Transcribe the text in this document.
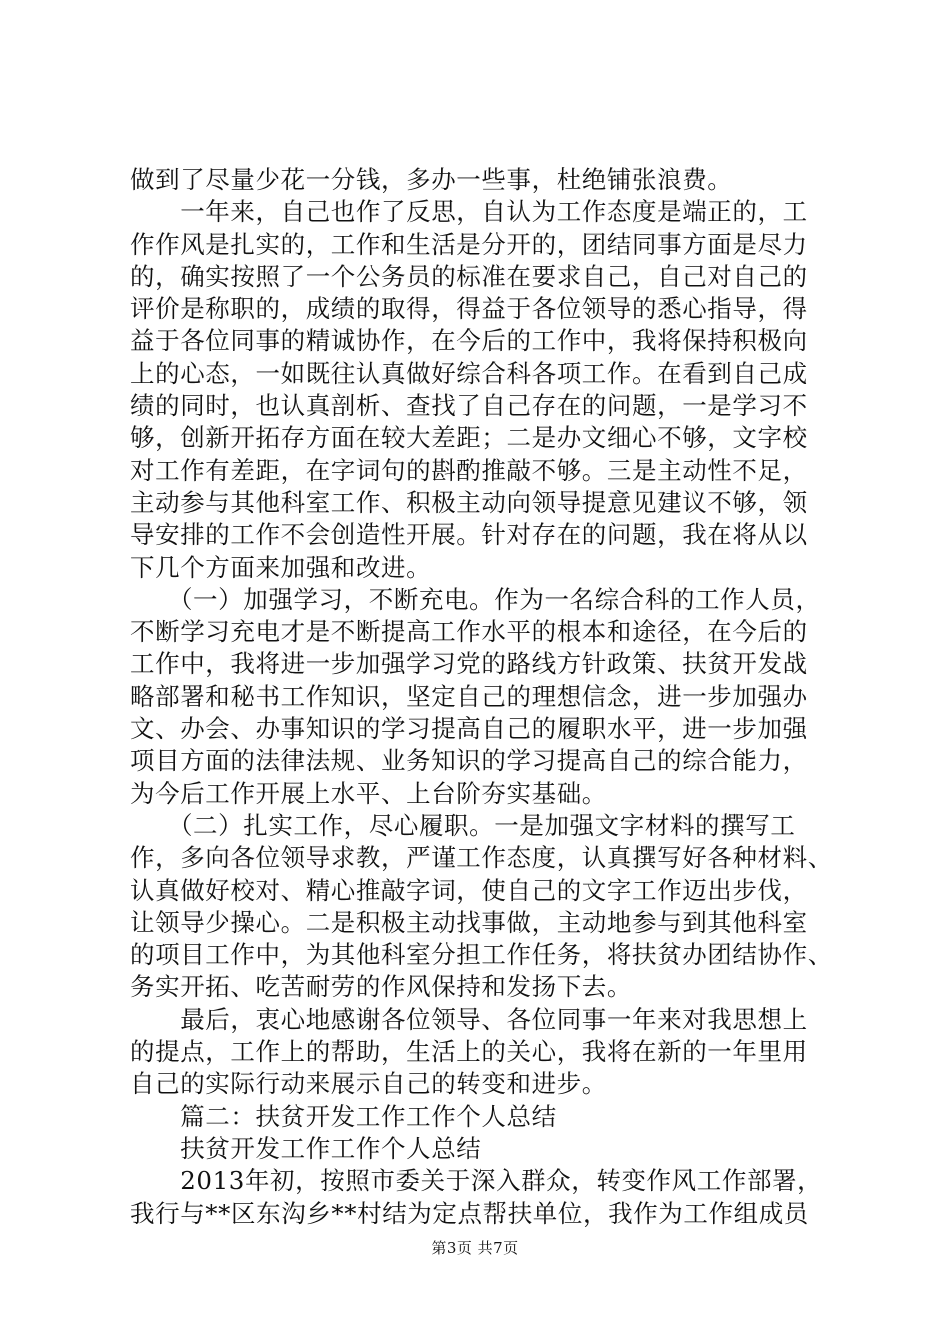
做到了尽量少花一分钱，多办一些事，杜绝铺张浪费。
　　一年来，自己也作了反思，自认为工作态度是端正的，工
作作风是扎实的，工作和生活是分开的，团结同事方面是尽力
的，确实按照了一个公务员的标准在要求自己，自己对自己的
评价是称职的，成绩的取得，得益于各位领导的悉心指导，得
益于各位同事的精诚协作，在今后的工作中，我将保持积极向
上的心态，一如既往认真做好综合科各项工作。在看到自己成
绩的同时，也认真剖析、查找了自己存在的问题，一是学习不
够，创新开拓存方面在较大差距；二是办文细心不够，文字校
对工作有差距，在字词句的斟酌推敲不够。三是主动性不足，
主动参与其他科室工作、积极主动向领导提意见建议不够，领
导安排的工作不会创造性开展。针对存在的问题，我在将从以
下几个方面来加强和改进。
　　（一）加强学习，不断充电。作为一名综合科的工作人员，
不断学习充电才是不断提高工作水平的根本和途径，在今后的
工作中，我将进一步加强学习党的路线方针政策、扶贫开发战
略部署和秘书工作知识，坚定自己的理想信念，进一步加强办
文、办会、办事知识的学习提高自己的履职水平，进一步加强
项目方面的法律法规、业务知识的学习提高自己的综合能力，
为今后工作开展上水平、上台阶夯实基础。
　　（二）扎实工作，尽心履职。一是加强文字材料的撰写工
作，多向各位领导求教，严谨工作态度，认真撰写好各种材料、
认真做好校对、精心推敲字词，使自己的文字工作迈出步伐，
让领导少操心。二是积极主动找事做，主动地参与到其他科室
的项目工作中，为其他科室分担工作任务，将扶贫办团结协作、
务实开拓、吃苦耐劳的作风保持和发扬下去。
　　最后，衷心地感谢各位领导、各位同事一年来对我思想上
的提点，工作上的帮助，生活上的关心，我将在新的一年里用
自己的实际行动来展示自己的转变和进步。
　　篇二：扶贫开发工作工作个人总结
　　扶贫开发工作工作个人总结
　　2013年初，按照市委关于深入群众，转变作风工作部署，
我行与**区东沟乡**村结为定点帮扶单位，我作为工作组成员
第3页 共7页
